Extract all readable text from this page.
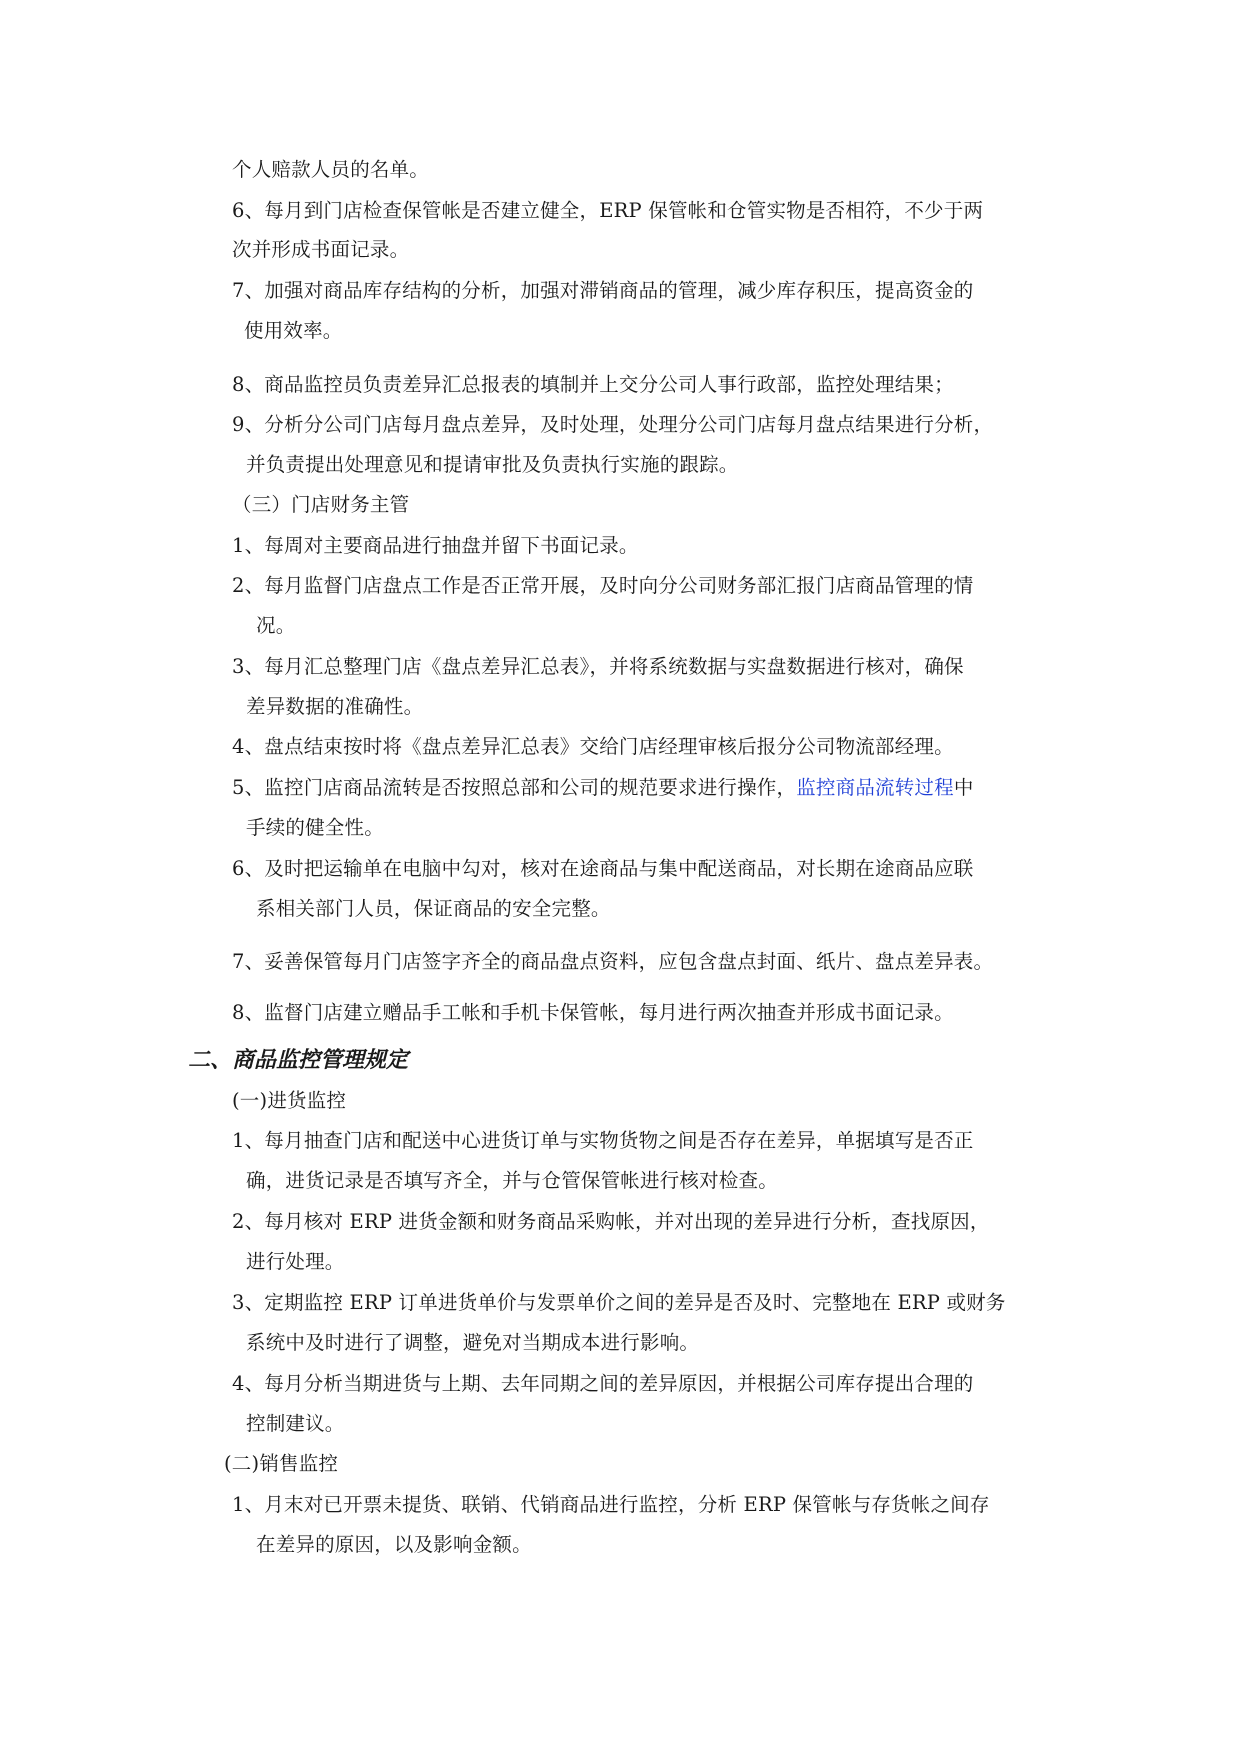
个人赔款人员的名单。
6、每月到门店检查保管帐是否建立健全，ERP 保管帐和仓管实物是否相符，不少于两
次并形成书面记录。
7、加强对商品库存结构的分析，加强对滞销商品的管理，减少库存积压，提高资金的
使用效率。
8、商品监控员负责差异汇总报表的填制并上交分公司人事行政部，监控处理结果；
9、分析分公司门店每月盘点差异，及时处理，处理分公司门店每月盘点结果进行分析，
并负责提出处理意见和提请审批及负责执行实施的跟踪。
（三）门店财务主管
1、每周对主要商品进行抽盘并留下书面记录。
2、每月监督门店盘点工作是否正常开展，及时向分公司财务部汇报门店商品管理的情
况。
3、每月汇总整理门店《盘点差异汇总表》，并将系统数据与实盘数据进行核对，确保
差异数据的准确性。
4、盘点结束按时将《盘点差异汇总表》交给门店经理审核后报分公司物流部经理。
5、监控门店商品流转是否按照总部和公司的规范要求进行操作，监控商品流转过程中
手续的健全性。
6、及时把运输单在电脑中勾对，核对在途商品与集中配送商品，对长期在途商品应联
系相关部门人员，保证商品的安全完整。
7、妥善保管每月门店签字齐全的商品盘点资料，应包含盘点封面、纸片、盘点差异表。
8、监督门店建立赠品手工帐和手机卡保管帐，每月进行两次抽查并形成书面记录。
二、商品监控管理规定
(一)进货监控
1、每月抽查门店和配送中心进货订单与实物货物之间是否存在差异，单据填写是否正
确，进货记录是否填写齐全，并与仓管保管帐进行核对检查。
2、每月核对 ERP 进货金额和财务商品采购帐，并对出现的差异进行分析，查找原因，
进行处理。
3、定期监控 ERP 订单进货单价与发票单价之间的差异是否及时、完整地在 ERP 或财务
系统中及时进行了调整，避免对当期成本进行影响。
4、每月分析当期进货与上期、去年同期之间的差异原因，并根据公司库存提出合理的
控制建议。
(二)销售监控
1、月末对已开票未提货、联销、代销商品进行监控，分析 ERP 保管帐与存货帐之间存
在差异的原因，以及影响金额。
